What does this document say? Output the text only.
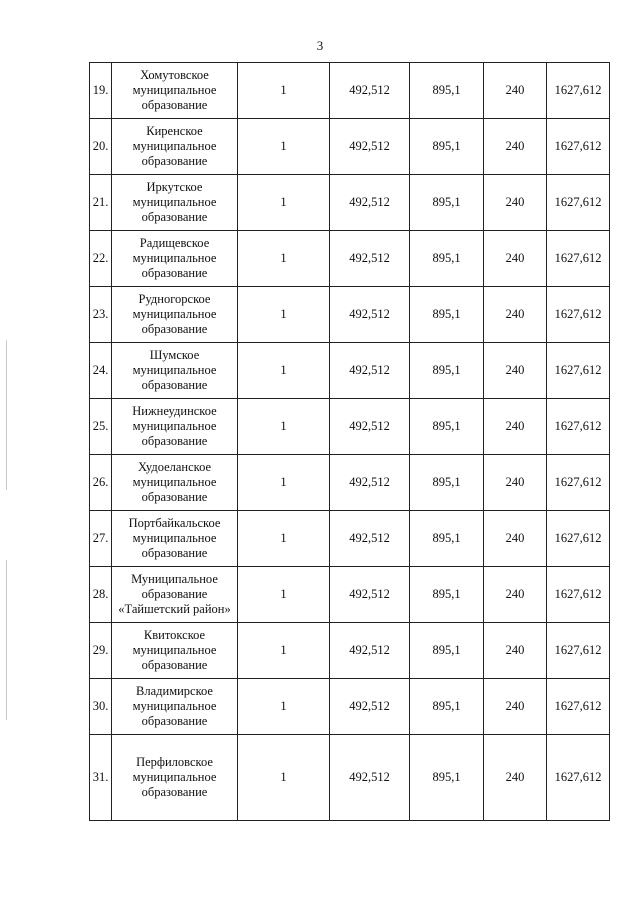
3
19.	Хомутовское
муниципальное
образование	1	492,512	895,1	240	1627,612
20.	Киренское
муниципальное
образование	1	492,512	895,1	240	1627,612
21.	Иркутское
муниципальное
образование	1	492,512	895,1	240	1627,612
22.	Радищевское
муниципальное
образование	1	492,512	895,1	240	1627,612
23.	Рудногорское
муниципальное
образование	1	492,512	895,1	240	1627,612
24.	Шумское
муниципальное
образование	1	492,512	895,1	240	1627,612
25.	Нижнеудинское
муниципальное
образование	1	492,512	895,1	240	1627,612
26.	Худоеланское
муниципальное
образование	1	492,512	895,1	240	1627,612
27.	Портбайкальское
муниципальное
образование	1	492,512	895,1	240	1627,612
28.	Муниципальное
образование
«Тайшетский район»	1	492,512	895,1	240	1627,612
29.	Квитокское
муниципальное
образование	1	492,512	895,1	240	1627,612
30.	Владимирское
муниципальное
образование	1	492,512	895,1	240	1627,612
31.	Перфиловское
муниципальное
образование	1	492,512	895,1	240	1627,612
